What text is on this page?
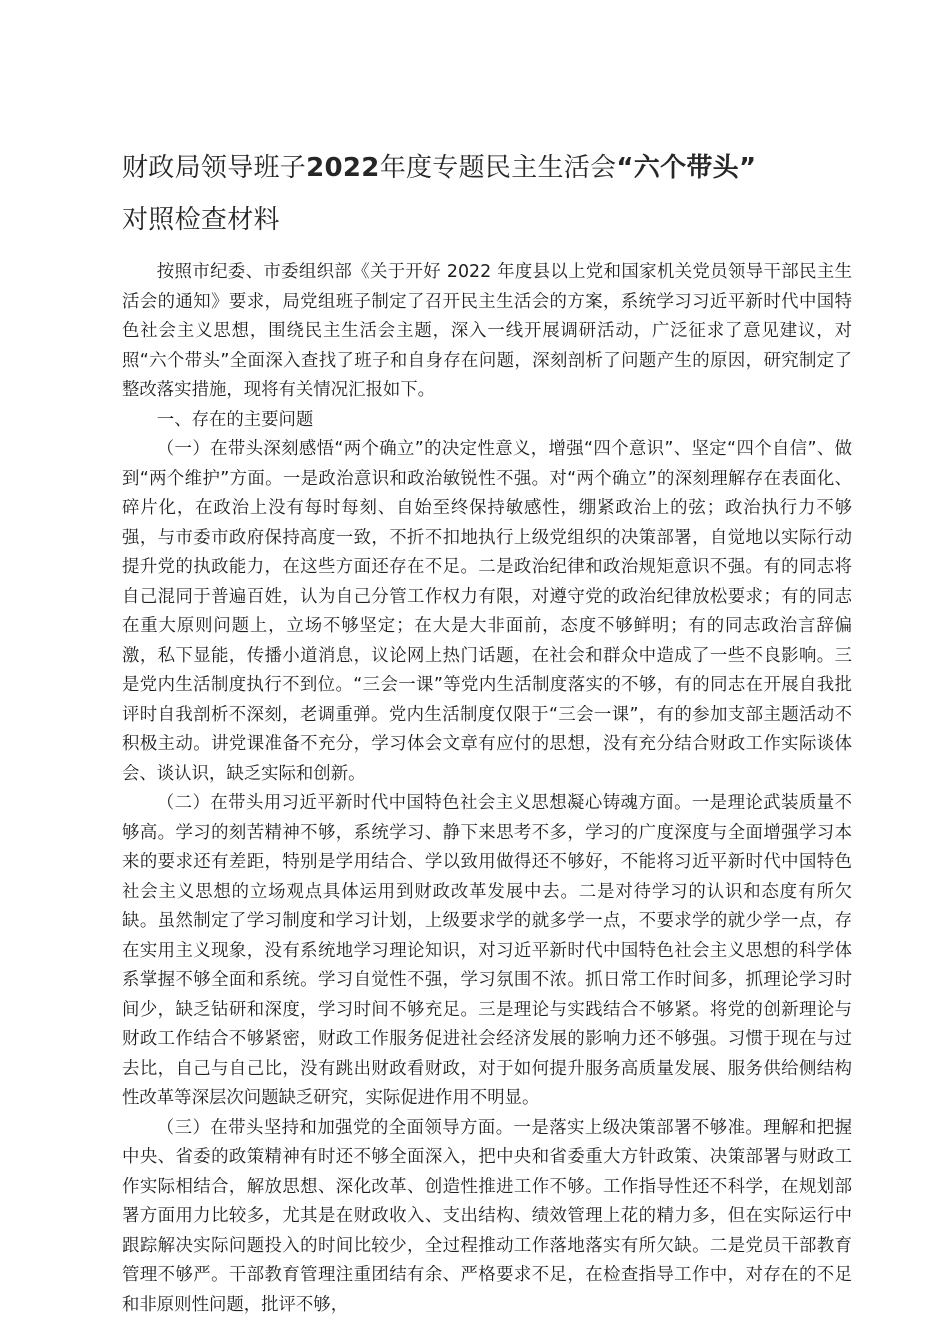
财政局领导班子2022年度专题民主生活会“六个带头”
对照检查材料

按照市纪委、市委组织部《关于开好 2022 年度县以上党和国家机关党员领导干部民主生活会的通知》要求，局党组班子制定了召开民主生活会的方案，系统学习习近平新时代中国特色社会主义思想，围绕民主生活会主题，深入一线开展调研活动，广泛征求了意见建议，对照“六个带头”全面深入查找了班子和自身存在问题，深刻剖析了问题产生的原因，研究制定了整改落实措施，现将有关情况汇报如下。

一、存在的主要问题

（一）在带头深刻感悟“两个确立”的决定性意义，增强“四个意识”、坚定“四个自信”、做到“两个维护”方面。一是政治意识和政治敏锐性不强。对“两个确立”的深刻理解存在表面化、碎片化，在政治上没有每时每刻、自始至终保持敏感性，绷紧政治上的弦；政治执行力不够强，与市委市政府保持高度一致，不折不扣地执行上级党组织的决策部署，自觉地以实际行动提升党的执政能力，在这些方面还存在不足。二是政治纪律和政治规矩意识不强。有的同志将自己混同于普遍百姓，认为自己分管工作权力有限，对遵守党的政治纪律放松要求；有的同志在重大原则问题上，立场不够坚定；在大是大非面前，态度不够鲜明；有的同志政治言辞偏激，私下显能，传播小道消息，议论网上热门话题，在社会和群众中造成了一些不良影响。三是党内生活制度执行不到位。“三会一课”等党内生活制度落实的不够，有的同志在开展自我批评时自我剖析不深刻，老调重弹。党内生活制度仅限于“三会一课”，有的参加支部主题活动不积极主动。讲党课准备不充分，学习体会文章有应付的思想，没有充分结合财政工作实际谈体会、谈认识，缺乏实际和创新。

（二）在带头用习近平新时代中国特色社会主义思想凝心铸魂方面。一是理论武装质量不够高。学习的刻苦精神不够，系统学习、静下来思考不多，学习的广度深度与全面增强学习本来的要求还有差距，特别是学用结合、学以致用做得还不够好，不能将习近平新时代中国特色社会主义思想的立场观点具体运用到财政改革发展中去。二是对待学习的认识和态度有所欠缺。虽然制定了学习制度和学习计划，上级要求学的就多学一点，不要求学的就少学一点，存在实用主义现象，没有系统地学习理论知识，对习近平新时代中国特色社会主义思想的科学体系掌握不够全面和系统。学习自觉性不强，学习氛围不浓。抓日常工作时间多，抓理论学习时间少，缺乏钻研和深度，学习时间不够充足。三是理论与实践结合不够紧。将党的创新理论与财政工作结合不够紧密，财政工作服务促进社会经济发展的影响力还不够强。习惯于现在与过去比，自己与自己比，没有跳出财政看财政，对于如何提升服务高质量发展、服务供给侧结构性改革等深层次问题缺乏研究，实际促进作用不明显。

（三）在带头坚持和加强党的全面领导方面。一是落实上级决策部署不够准。理解和把握中央、省委的政策精神有时还不够全面深入，把中央和省委重大方针政策、决策部署与财政工作实际相结合，解放思想、深化改革、创造性推进工作不够。工作指导性还不科学，在规划部署方面用力比较多，尤其是在财政收入、支出结构、绩效管理上花的精力多，但在实际运行中跟踪解决实际问题投入的时间比较少，全过程推动工作落地落实有所欠缺。二是党员干部教育管理不够严。干部教育管理注重团结有余、严格要求不足，在检查指导工作中，对存在的不足和非原则性问题，批评不够，
